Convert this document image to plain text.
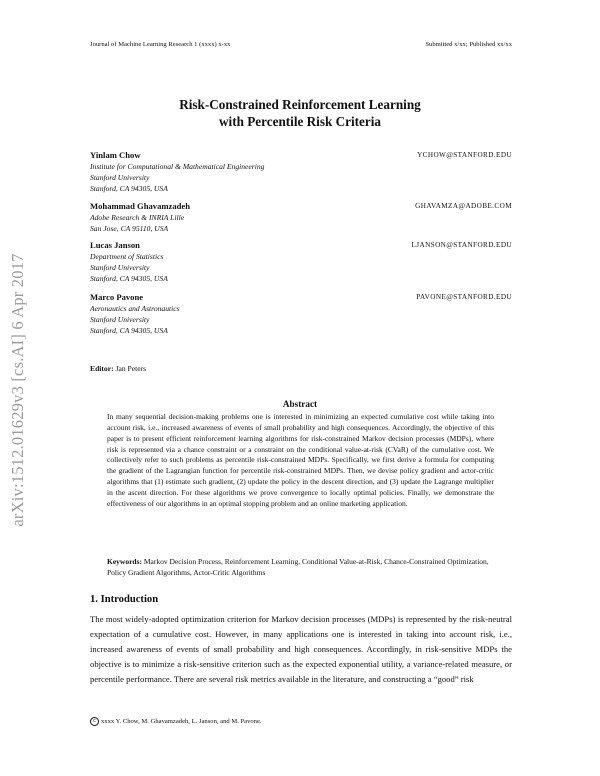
Journal of Machine Learning Research 1 (xxxx) x-xx	Submitted x/xx; Published xx/xx
arXiv:1512.01629v3 [cs.AI] 6 Apr 2017
Risk-Constrained Reinforcement Learning
with Percentile Risk Criteria
Yinlam Chow	YCHOW@STANFORD.EDU
Institute for Computational & Mathematical Engineering
Stanford University
Stanford, CA 94305, USA
Mohammad Ghavamzadeh	GHAVAMZA@ADOBE.COM
Adobe Research & INRIA Lille
San Jose, CA 95110, USA
Lucas Janson	LJANSON@STANFORD.EDU
Department of Statistics
Stanford University
Stanford, CA 94305, USA
Marco Pavone	PAVONE@STANFORD.EDU
Aeronautics and Astronautics
Stanford University
Stanford, CA 94305, USA
Editor: Jan Peters
Abstract

In many sequential decision-making problems one is interested in minimizing an expected cumulative cost while taking into account risk, i.e., increased awareness of events of small probability and high consequences. Accordingly, the objective of this paper is to present efficient reinforcement learning algorithms for risk-constrained Markov decision processes (MDPs), where risk is represented via a chance constraint or a constraint on the conditional value-at-risk (CVaR) of the cumulative cost. We collectively refer to such problems as percentile risk-constrained MDPs. Specifically, we first derive a formula for computing the gradient of the Lagrangian function for percentile risk-constrained MDPs. Then, we devise policy gradient and actor-critic algorithms that (1) estimate such gradient, (2) update the policy in the descent direction, and (3) update the Lagrange multiplier in the ascent direction. For these algorithms we prove convergence to locally optimal policies. Finally, we demonstrate the effectiveness of our algorithms in an optimal stopping problem and an online marketing application.

Keywords: Markov Decision Process, Reinforcement Learning, Conditional Value-at-Risk, Chance-Constrained Optimization, Policy Gradient Algorithms, Actor-Critic Algorithms
1. Introduction

The most widely-adopted optimization criterion for Markov decision processes (MDPs) is represented by the risk-neutral expectation of a cumulative cost. However, in many applications one is interested in taking into account risk, i.e., increased awareness of events of small probability and high consequences. Accordingly, in risk-sensitive MDPs the objective is to minimize a risk-sensitive criterion such as the expected exponential utility, a variance-related measure, or percentile performance. There are several risk metrics available in the literature, and constructing a “good” risk

c xxxx Y. Chow, M. Ghavamzadeh, L. Janson, and M. Pavone.
